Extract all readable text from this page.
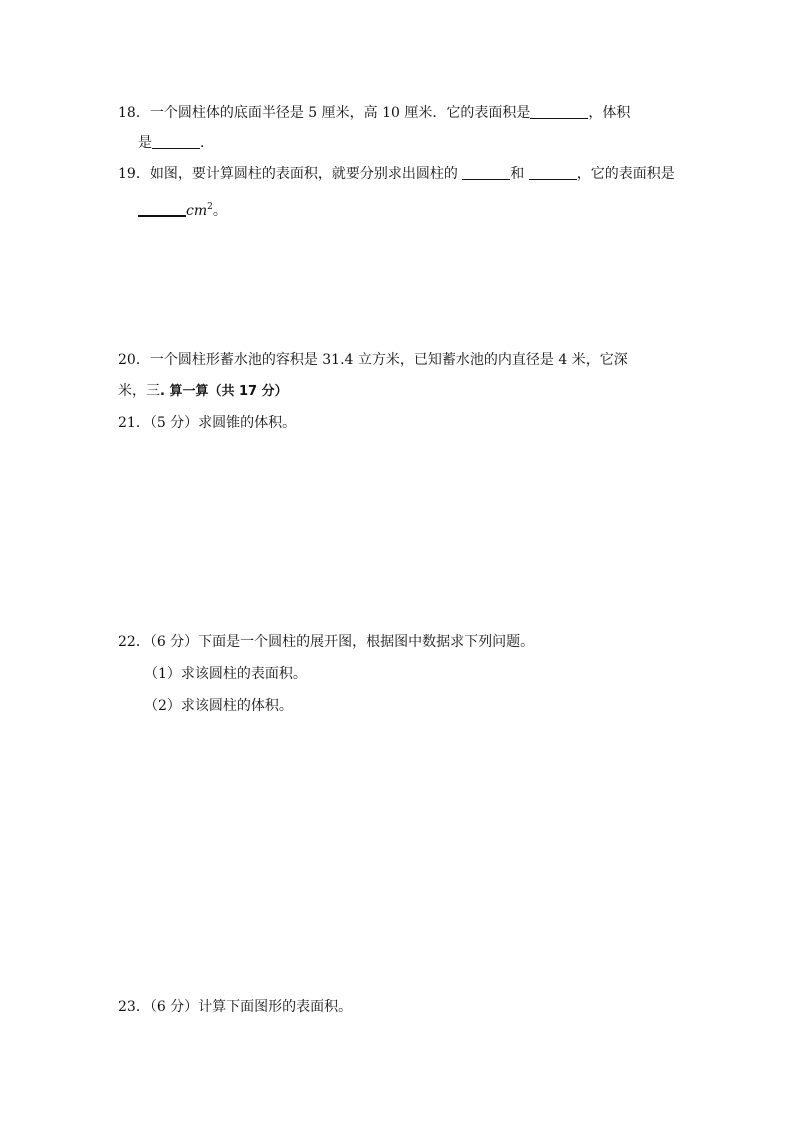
18．一个圆柱体的底面半径是 5 厘米，高 10 厘米．它的表面积是	，体积
是	．
19．如图，要计算圆柱的表面积，就要分别求出圆柱的	和	，它的表面积是
$cm^2$。
20．一个圆柱形蓄水池的容积是 31.4 立方米，已知蓄水池的内直径是 4 米，它深
米，三. 算一算（共 17 分）
21．（5 分）求圆锥的体积。
22．（6 分）下面是一个圆柱的展开图，根据图中数据求下列问题。
（1）求该圆柱的表面积。
（2）求该圆柱的体积。
23．（6 分）计算下面图形的表面积。
